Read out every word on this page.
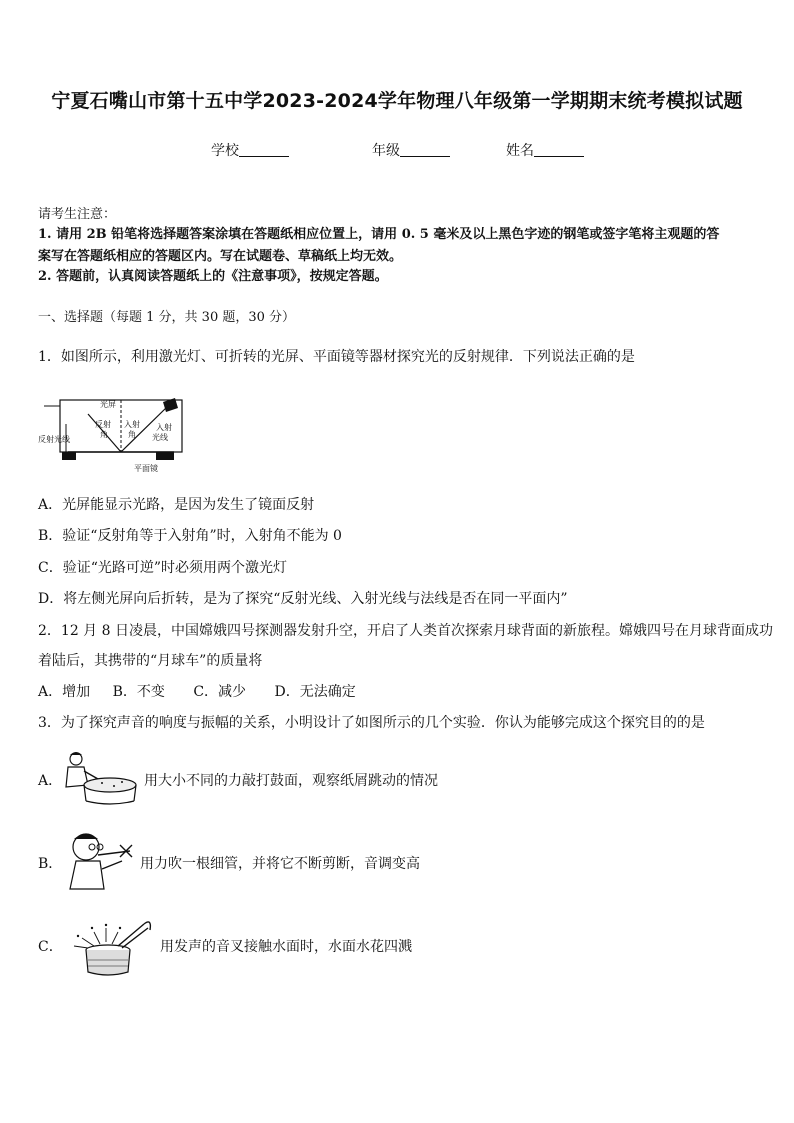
宁夏石嘴山市第十五中学2023-2024学年物理八年级第一学期期末统考模拟试题
学校	年级	姓名
请考生注意：
1. 请用 2B 铅笔将选择题答案涂填在答题纸相应位置上，请用 0. 5 毫米及以上黑色字迹的钢笔或签字笔将主观题的答
案写在答题纸相应的答题区内。写在试题卷、草稿纸上均无效。
2. 答题前，认真阅读答题纸上的《注意事项》，按规定答题。
一、选择题（每题 1 分，共 30 题，30 分）
1．如图所示，利用激光灯、可折转的光屏、平面镜等器材探究光的反射规律．下列说法正确的是
光屏
反射光线
反射
角
入射
角
入射
光线
平面镜
A．光屏能显示光路，是因为发生了镜面反射
B．验证“反射角等于入射角”时，入射角不能为 0
C．验证“光路可逆”时必须用两个激光灯
D．将左侧光屏向后折转，是为了探究“反射光线、入射光线与法线是否在同一平面内”
2．12 月 8 日凌晨，中国嫦娥四号探测器发射升空，开启了人类首次探索月球背面的新旅程。嫦娥四号在月球背面成功
着陆后，其携带的“月球车”的质量将
A．增加 B．不变 C．减少 D．无法确定
3．为了探究声音的响度与振幅的关系，小明设计了如图所示的几个实验．你认为能够完成这个探究目的的是
A．	用大小不同的力敲打鼓面，观察纸屑跳动的情况
B．	用力吹一根细管，并将它不断剪断，音调变高
C．	用发声的音叉接触水面时，水面水花四溅
